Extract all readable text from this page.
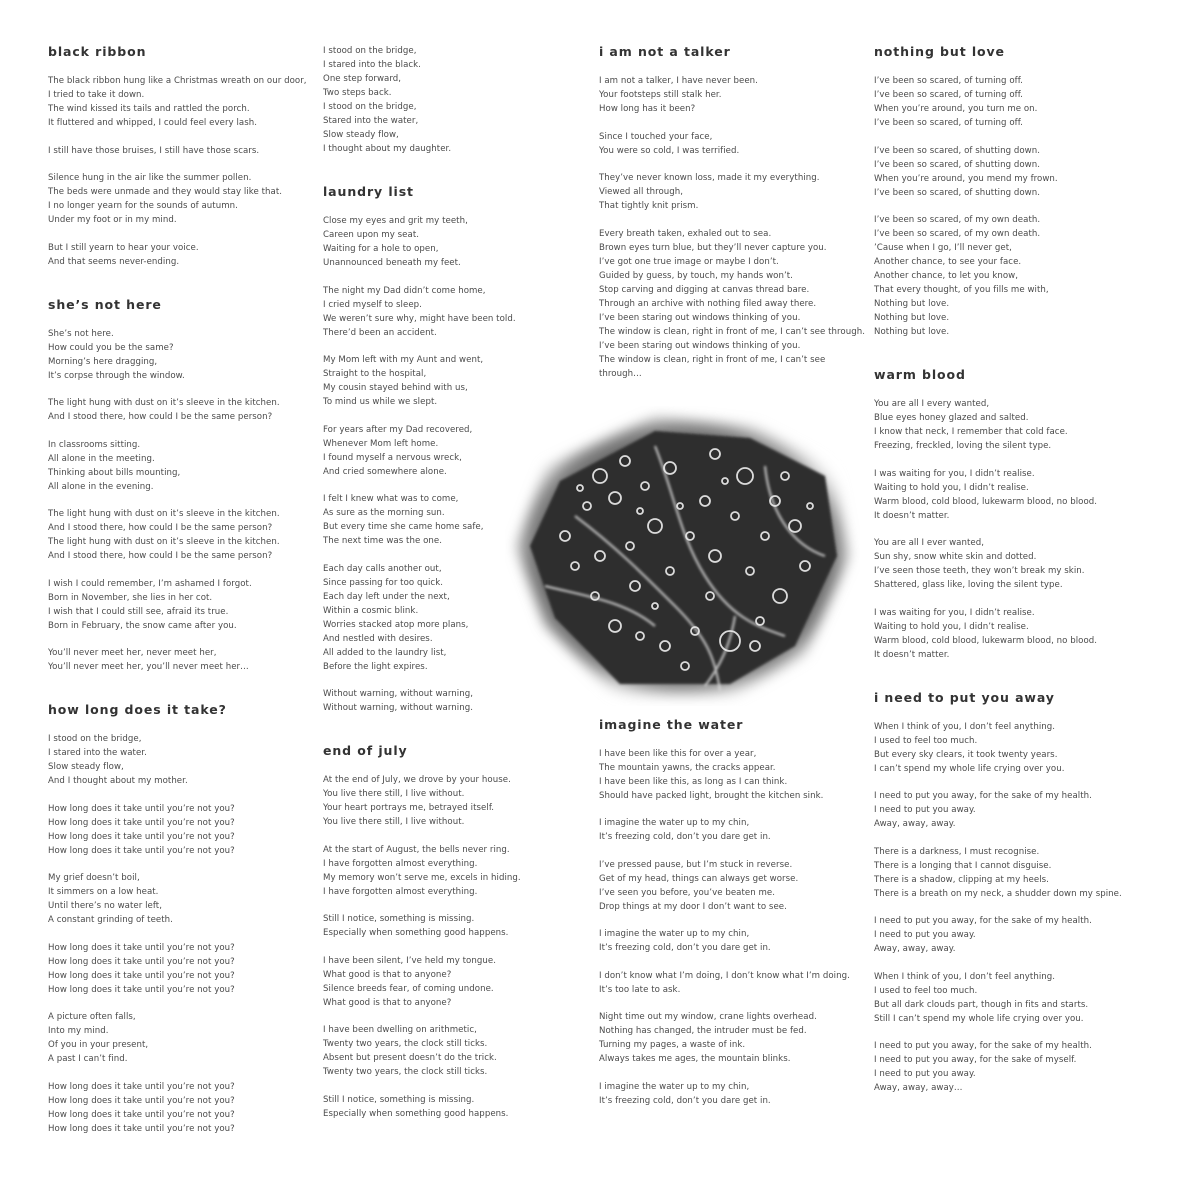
black ribbon
The black ribbon hung like a Christmas wreath on our door,
I tried to take it down.
The wind kissed its tails and rattled the porch.
It fluttered and whipped, I could feel every lash.
I still have those bruises, I still have those scars.
Silence hung in the air like the summer pollen.
The beds were unmade and they would stay like that.
I no longer yearn for the sounds of autumn.
Under my foot or in my mind.
But I still yearn to hear your voice.
And that seems never-ending.
she’s not here
She’s not here.
How could you be the same?
Morning’s here dragging,
It’s corpse through the window.
The light hung with dust on it’s sleeve in the kitchen.
And I stood there, how could I be the same person?
In classrooms sitting.
All alone in the meeting.
Thinking about bills mounting,
All alone in the evening.
The light hung with dust on it’s sleeve in the kitchen.
And I stood there, how could I be the same person?
The light hung with dust on it’s sleeve in the kitchen.
And I stood there, how could I be the same person?
I wish I could remember, I’m ashamed I forgot.
Born in November, she lies in her cot.
I wish that I could still see, afraid its true.
Born in February, the snow came after you.
You’ll never meet her, never meet her,
You’ll never meet her, you’ll never meet her…
how long does it take?
I stood on the bridge,
I stared into the water.
Slow steady flow,
And I thought about my mother.
How long does it take until you’re not you?
How long does it take until you’re not you?
How long does it take until you’re not you?
How long does it take until you’re not you?
My grief doesn’t boil,
It simmers on a low heat.
Until there’s no water left,
A constant grinding of teeth.
How long does it take until you’re not you?
How long does it take until you’re not you?
How long does it take until you’re not you?
How long does it take until you’re not you?
A picture often falls,
Into my mind.
Of you in your present,
A past I can’t find.
How long does it take until you’re not you?
How long does it take until you’re not you?
How long does it take until you’re not you?
How long does it take until you’re not you?
I stood on the bridge,
I stared into the black.
One step forward,
Two steps back.
I stood on the bridge,
Stared into the water,
Slow steady flow,
I thought about my daughter.
laundry list
Close my eyes and grit my teeth,
Careen upon my seat.
Waiting for a hole to open,
Unannounced beneath my feet.
The night my Dad didn’t come home,
I cried myself to sleep.
We weren’t sure why, might have been told.
There’d been an accident.
My Mom left with my Aunt and went,
Straight to the hospital,
My cousin stayed behind with us,
To mind us while we slept.
For years after my Dad recovered,
Whenever Mom left home.
I found myself a nervous wreck,
And cried somewhere alone.
I felt I knew what was to come,
As sure as the morning sun.
But every time she came home safe,
The next time was the one.
Each day calls another out,
Since passing for too quick.
Each day left under the next,
Within a cosmic blink.
Worries stacked atop more plans,
And nestled with desires.
All added to the laundry list,
Before the light expires.
Without warning, without warning,
Without warning, without warning.
end of july
At the end of July, we drove by your house.
You live there still, I live without.
Your heart portrays me, betrayed itself.
You live there still, I live without.
At the start of August, the bells never ring.
I have forgotten almost everything.
My memory won’t serve me, excels in hiding.
I have forgotten almost everything.
Still I notice, something is missing.
Especially when something good happens.
I have been silent, I’ve held my tongue.
What good is that to anyone?
Silence breeds fear, of coming undone.
What good is that to anyone?
I have been dwelling on arithmetic,
Twenty two years, the clock still ticks.
Absent but present doesn’t do the trick.
Twenty two years, the clock still ticks.
Still I notice, something is missing.
Especially when something good happens.
i am not a talker
I am not a talker, I have never been.
Your footsteps still stalk her.
How long has it been?
Since I touched your face,
You were so cold, I was terrified.
They’ve never known loss, made it my everything.
Viewed all through,
That tightly knit prism.
Every breath taken, exhaled out to sea.
Brown eyes turn blue, but they’ll never capture you.
I’ve got one true image or maybe I don’t.
Guided by guess, by touch, my hands won’t.
Stop carving and digging at canvas thread bare.
Through an archive with nothing filed away there.
I’ve been staring out windows thinking of you.
The window is clean, right in front of me, I can’t see through.
I’ve been staring out windows thinking of you.
The window is clean, right in front of me, I can’t see
through…
imagine the water
I have been like this for over a year,
The mountain yawns, the cracks appear.
I have been like this, as long as I can think.
Should have packed light, brought the kitchen sink.
I imagine the water up to my chin,
It’s freezing cold, don’t you dare get in.
I’ve pressed pause, but I’m stuck in reverse.
Get of my head, things can always get worse.
I’ve seen you before, you’ve beaten me.
Drop things at my door I don’t want to see.
I imagine the water up to my chin,
It’s freezing cold, don’t you dare get in.
I don’t know what I’m doing, I don’t know what I’m doing.
It’s too late to ask.
Night time out my window, crane lights overhead.
Nothing has changed, the intruder must be fed.
Turning my pages, a waste of ink.
Always takes me ages, the mountain blinks.
I imagine the water up to my chin,
It’s freezing cold, don’t you dare get in.
nothing but love
I’ve been so scared, of turning off.
I’ve been so scared, of turning off.
When you’re around, you turn me on.
I’ve been so scared, of turning off.
I’ve been so scared, of shutting down.
I’ve been so scared, of shutting down.
When you’re around, you mend my frown.
I’ve been so scared, of shutting down.
I’ve been so scared, of my own death.
I’ve been so scared, of my own death.
’Cause when I go, I’ll never get,
Another chance, to see your face.
Another chance, to let you know,
That every thought, of you fills me with,
Nothing but love.
Nothing but love.
Nothing but love.
warm blood
You are all I every wanted,
Blue eyes honey glazed and salted.
I know that neck, I remember that cold face.
Freezing, freckled, loving the silent type.
I was waiting for you, I didn’t realise.
Waiting to hold you, I didn’t realise.
Warm blood, cold blood, lukewarm blood, no blood.
It doesn’t matter.
You are all I ever wanted,
Sun shy, snow white skin and dotted.
I’ve seen those teeth, they won’t break my skin.
Shattered, glass like, loving the silent type.
I was waiting for you, I didn’t realise.
Waiting to hold you, I didn’t realise.
Warm blood, cold blood, lukewarm blood, no blood.
It doesn’t matter.
i need to put you away
When I think of you, I don’t feel anything.
I used to feel too much.
But every sky clears, it took twenty years.
I can’t spend my whole life crying over you.
I need to put you away, for the sake of my health.
I need to put you away.
Away, away, away.
There is a darkness, I must recognise.
There is a longing that I cannot disguise.
There is a shadow, clipping at my heels.
There is a breath on my neck, a shudder down my spine.
I need to put you away, for the sake of my health.
I need to put you away.
Away, away, away.
When I think of you, I don’t feel anything.
I used to feel too much.
But all dark clouds part, though in fits and starts.
Still I can’t spend my whole life crying over you.
I need to put you away, for the sake of my health.
I need to put you away, for the sake of myself.
I need to put you away.
Away, away, away…
